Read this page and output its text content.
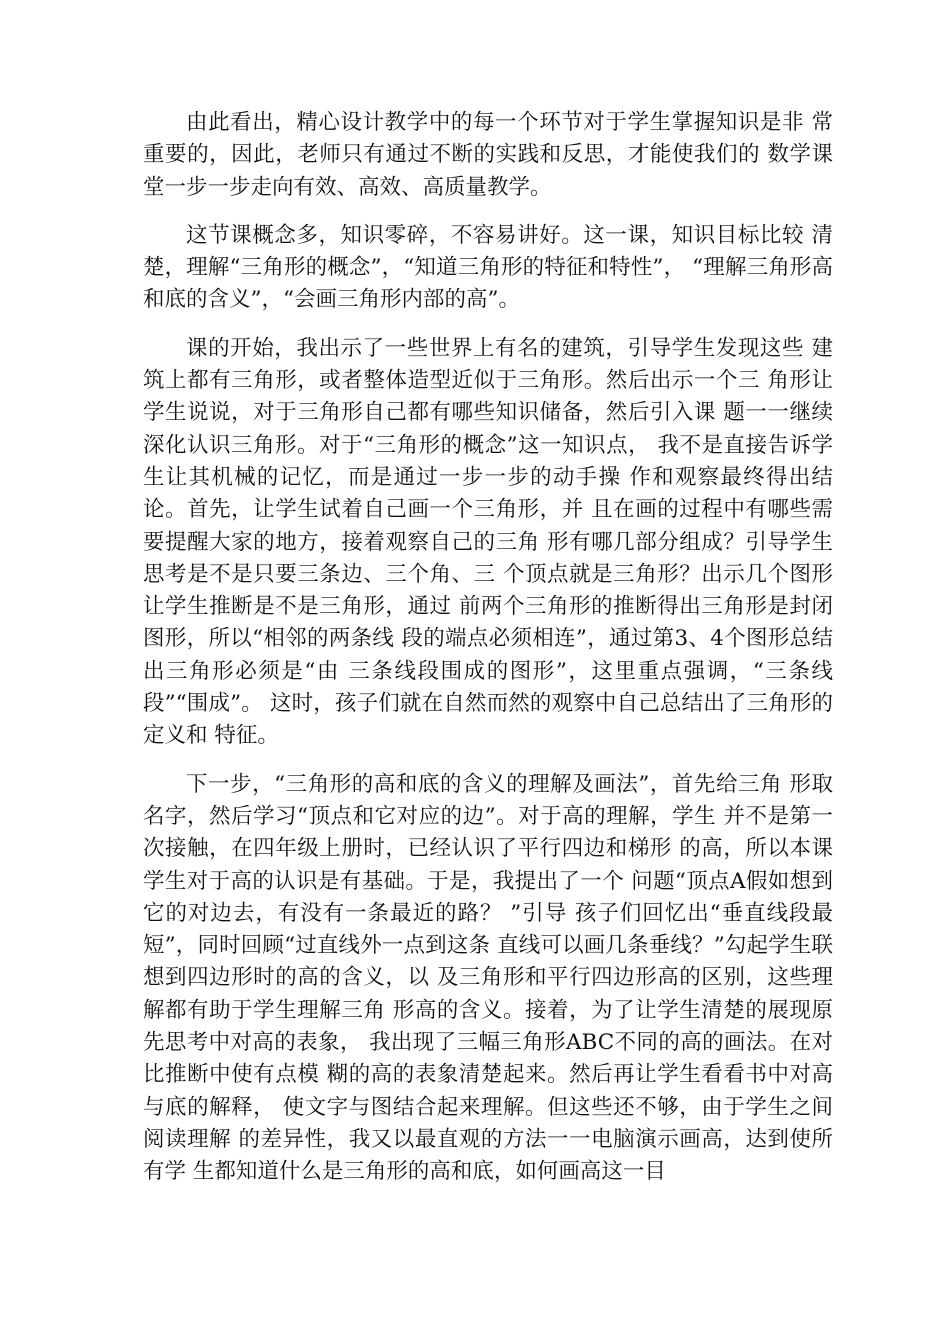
由此看出，精心设计教学中的每一个环节对于学生掌握知识是非 常重要的，因此，老师只有通过不断的实践和反思，才能使我们的 数学课堂一步一步走向有效、高效、高质量教学。

这节课概念多，知识零碎，不容易讲好。这一课，知识目标比较 清楚，理解“三角形的概念”，“知道三角形的特征和特性”， “理解三角形高和底的含义”，“会画三角形内部的高”。

课的开始，我出示了一些世界上有名的建筑，引导学生发现这些 建筑上都有三角形，或者整体造型近似于三角形。然后出示一个三 角形让学生说说，对于三角形自己都有哪些知识储备，然后引入课 题一一继续深化认识三角形。对于“三角形的概念”这一知识点， 我不是直接告诉学生让其机械的记忆，而是通过一步一步的动手操 作和观察最终得出结论。首先，让学生试着自己画一个三角形，并 且在画的过程中有哪些需要提醒大家的地方，接着观察自己的三角 形有哪几部分组成？引导学生思考是不是只要三条边、三个角、三 个顶点就是三角形？出示几个图形让学生推断是不是三角形，通过 前两个三角形的推断得出三角形是封闭图形，所以“相邻的两条线 段的端点必须相连”，通过第3、4个图形总结出三角形必须是“由 三条线段围成的图形”，这里重点强调，“三条线段”“围成”。 这时，孩子们就在自然而然的观察中自己总结出了三角形的定义和 特征。

下一步，“三角形的高和底的含义的理解及画法”，首先给三角 形取名字，然后学习“顶点和它对应的边”。对于高的理解，学生 并不是第一次接触，在四年级上册时，已经认识了平行四边和梯形 的高，所以本课学生对于高的认识是有基础。于是，我提出了一个 问题“顶点A假如想到它的对边去，有没有一条最近的路？ ”引导 孩子们回忆出“垂直线段最短”，同时回顾“过直线外一点到这条 直线可以画几条垂线？”勾起学生联想到四边形时的高的含义，以 及三角形和平行四边形高的区别，这些理解都有助于学生理解三角 形高的含义。接着，为了让学生清楚的展现原先思考中对高的表象， 我出现了三幅三角形ABC不同的高的画法。在对比推断中使有点模 糊的高的表象清楚起来。然后再让学生看看书中对高与底的解释， 使文字与图结合起来理解。但这些还不够，由于学生之间阅读理解 的差异性，我又以最直观的方法一一电脑演示画高，达到使所有学 生都知道什么是三角形的高和底，如何画高这一目
